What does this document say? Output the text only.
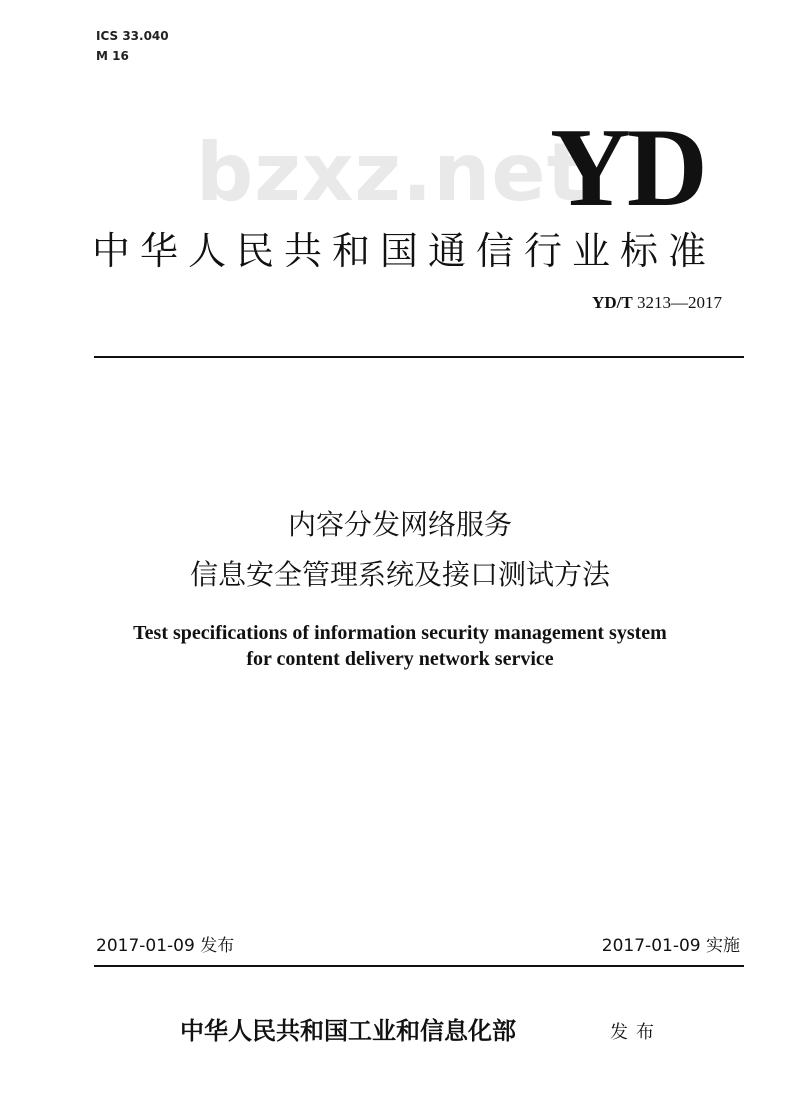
ICS 33.040
M 16
bzxz.net
YD
中华人民共和国通信行业标准
YD/T 3213—2017
内容分发网络服务
信息安全管理系统及接口测试方法
Test specifications of information security management system
for content delivery network service
2017-01-09 发布	2017-01-09 实施
中华人民共和国工业和信息化部	发布
